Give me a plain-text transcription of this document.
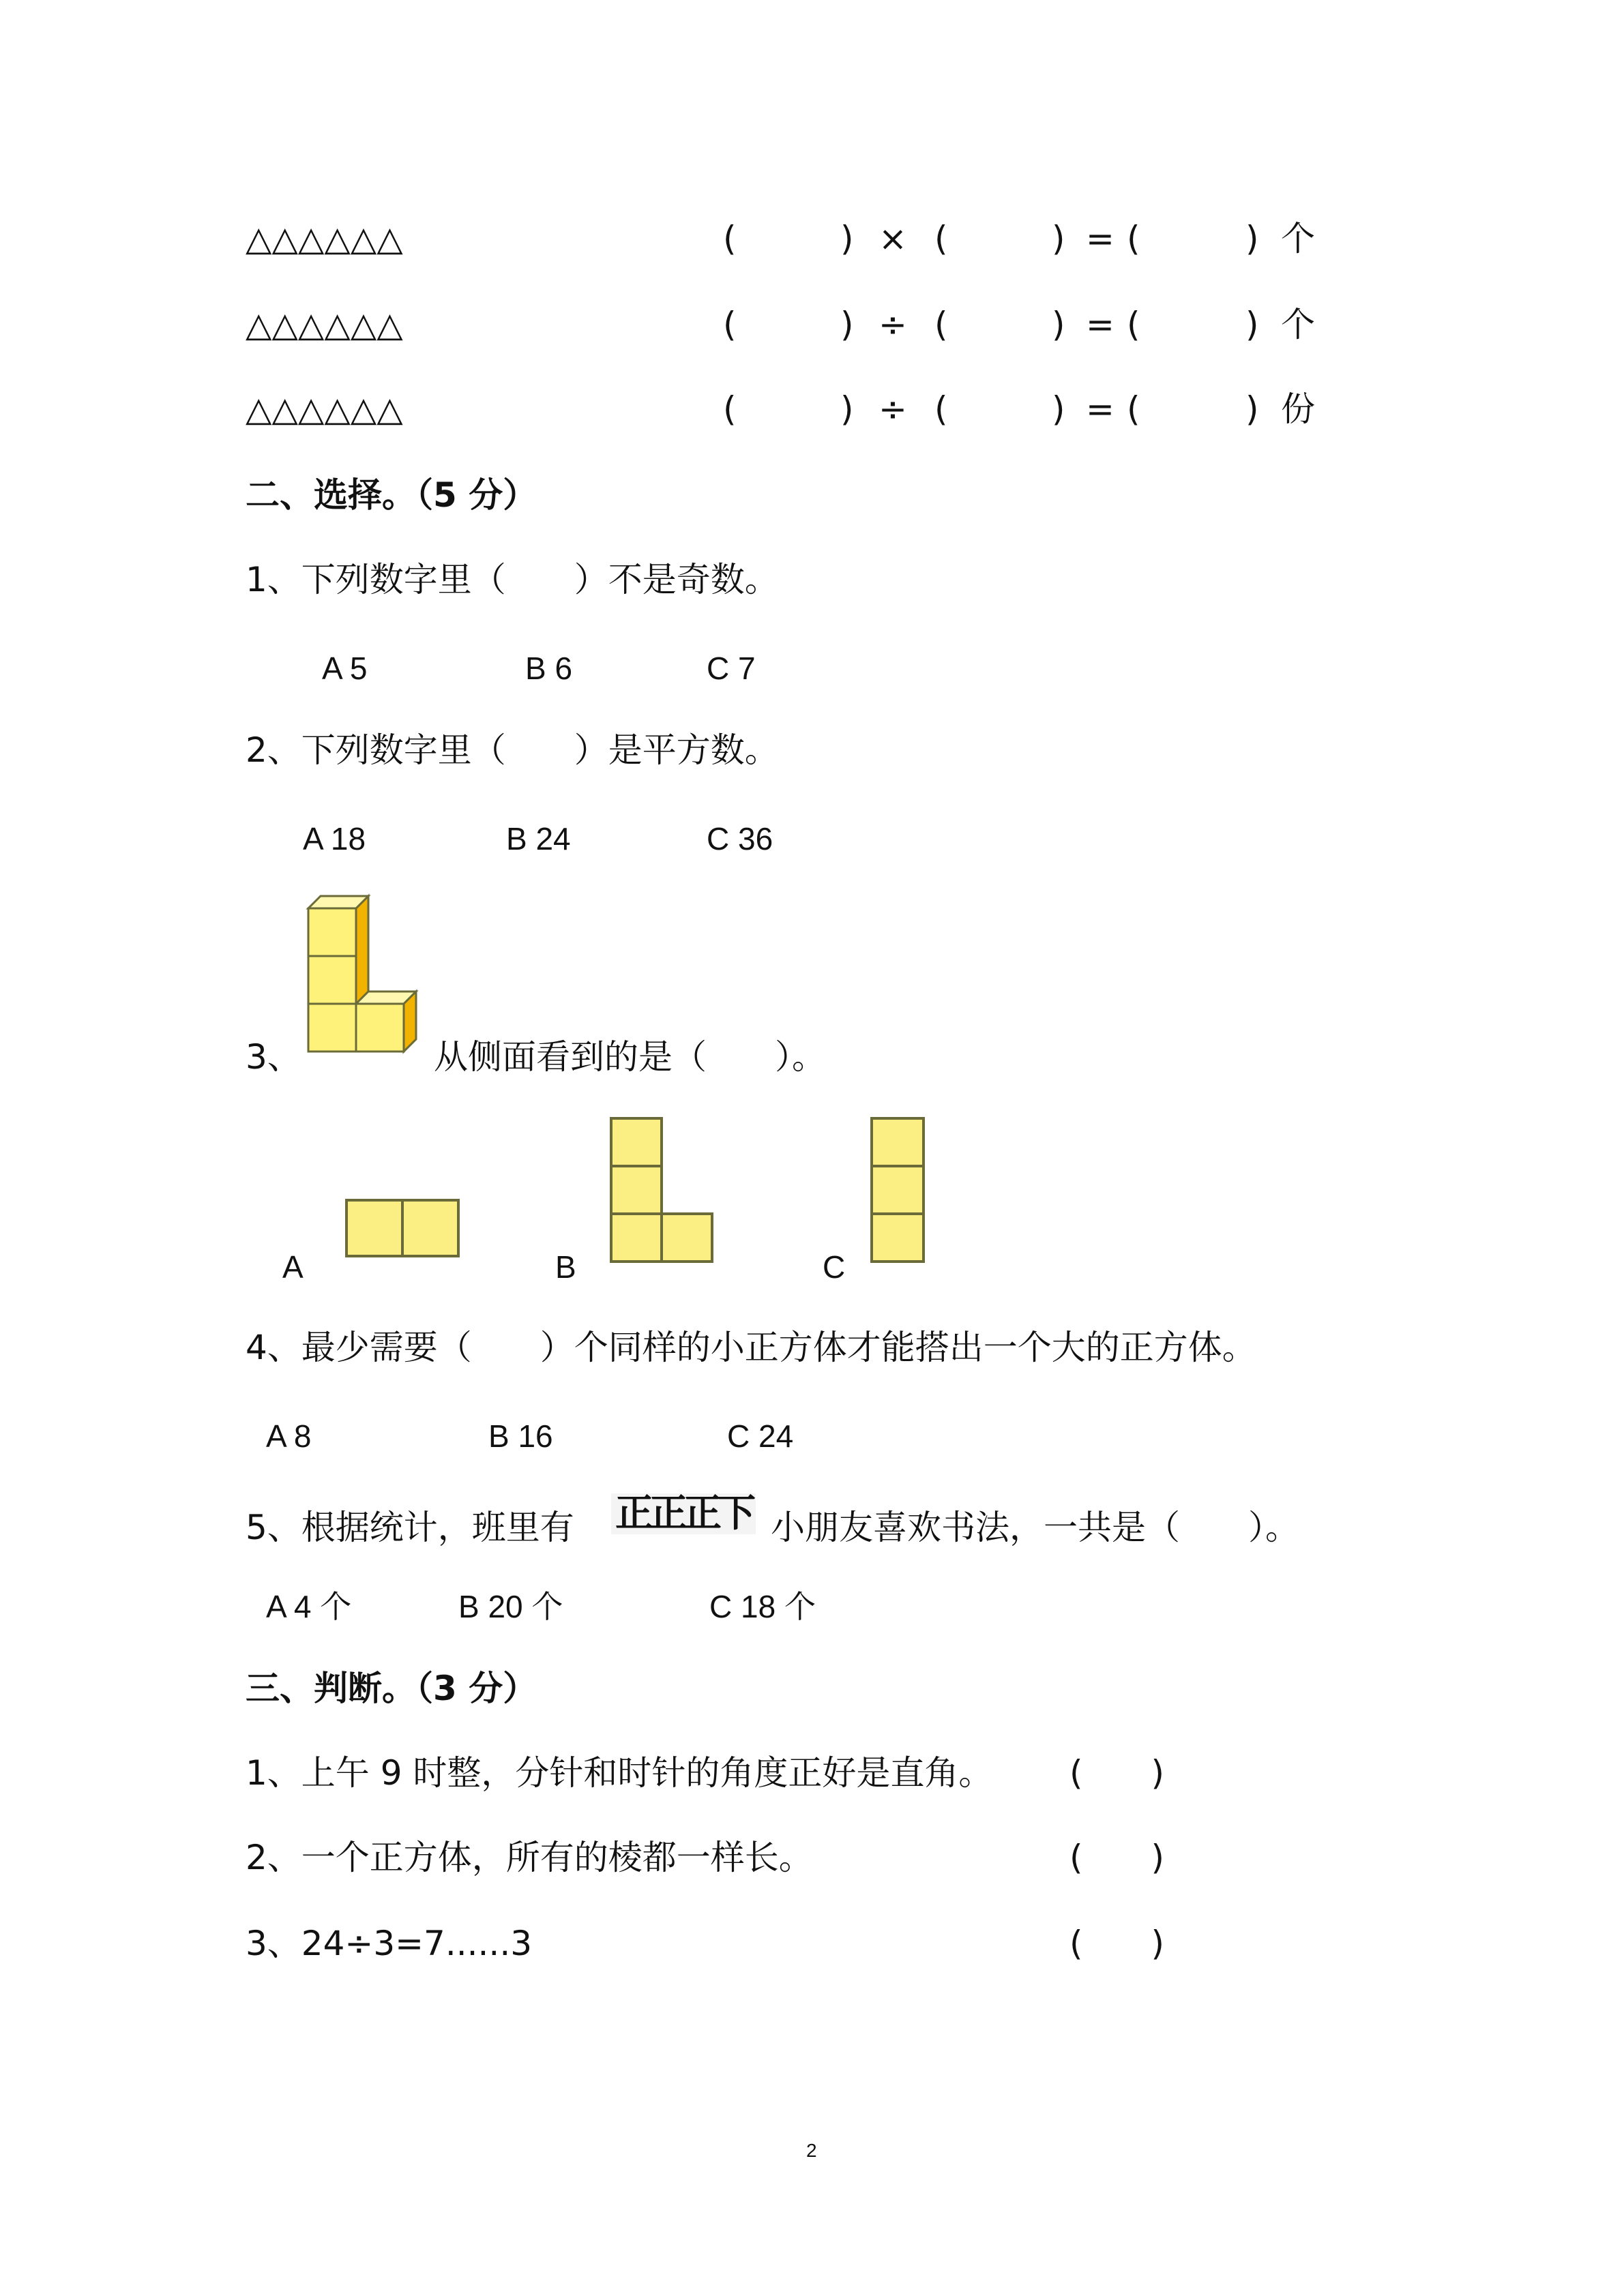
△△△△△△	(	) × (	) = (	) 个
△△△△△△	(	) ÷ (	) = (	) 个
△△△△△△	(	) ÷ (	) = (	) 份
二、选择。（5 分）
1、下列数字里（　　）不是奇数。
A 5	B 6	C 7
2、下列数字里（　　）是平方数。
A 18	B 24	C 36
3、	从侧面看到的是（　　）。
A	B	C
4、最少需要（　　）个同样的小正方体才能搭出一个大的正方体。
A 8	B 16	C 24
5、根据统计，班里有 正正正下 小朋友喜欢书法，一共是（　　）。
A 4 个	B 20 个	C 18 个
三、判断。（3 分）
1、上午 9 时整，分针和时针的角度正好是直角。 (　　)
2、一个正方体，所有的棱都一样长。	(　　)
3、24÷3=7......3	(　　)
2
